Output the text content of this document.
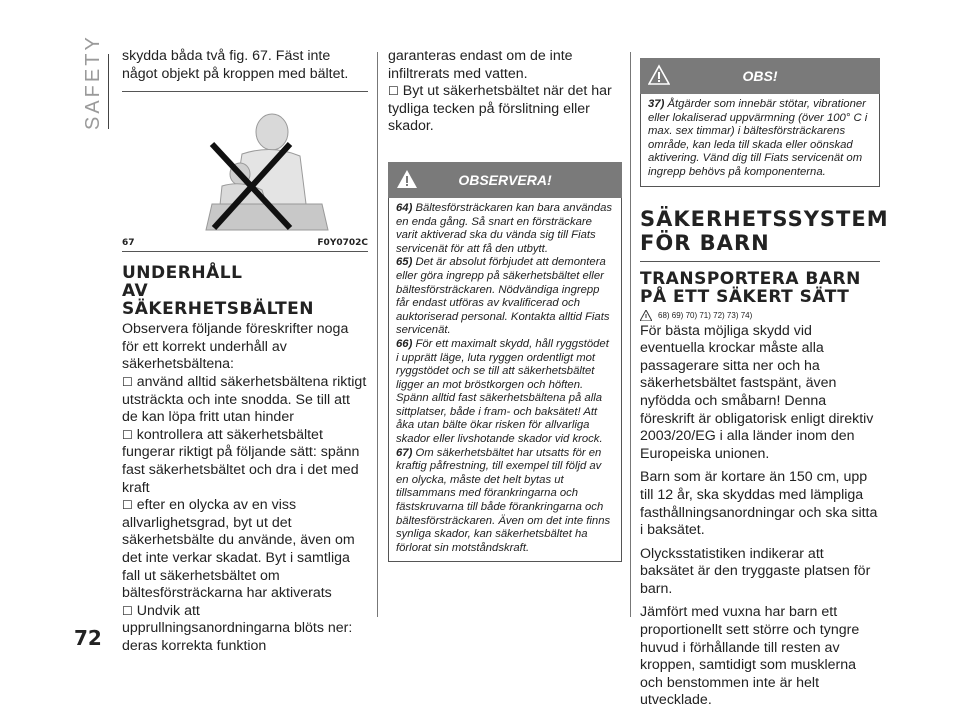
SAFETY skydda båda två fig. 67. Fäst inte något objekt på kroppen med bältet.

67	F0Y0702C
UNDERHÅLL AV SÄKERHETSBÄLTEN

Observera följande föreskrifter noga för ett korrekt underhåll av säkerhetsbältena:

☐ använd alltid säkerhetsbältena riktigt utsträckta och inte snodda. Se till att de kan löpa fritt utan hinder

☐ kontrollera att säkerhetsbältet fungerar riktigt på följande sätt: spänn fast säkerhetsbältet och dra i det med kraft

☐ efter en olycka av en viss allvarlighetsgrad, byt ut det säkerhetsbälte du använde, även om det inte verkar skadat. Byt i samtliga fall ut säkerhetsbältet om bältesförsträckarna har aktiverats

☐ Undvik att upprullningsanordningarna blöts ner: deras korrekta funktion

garanteras endast om de inte infiltrerats med vatten.

☐ Byt ut säkerhetsbältet när det har tydliga tecken på förslitning eller skador.

OBSERVERA!

64) Bältesförsträckaren kan bara användas en enda gång. Så snart en försträckare varit aktiverad ska du vända sig till Fiats servicenät för att få den utbytt.

65) Det är absolut förbjudet att demontera eller göra ingrepp på säkerhetsbältet eller bältesförsträckaren. Nödvändiga ingrepp får endast utföras av kvalificerad och auktoriserad personal. Kontakta alltid Fiats servicenät.

66) För ett maximalt skydd, håll ryggstödet i upprätt läge, luta ryggen ordentligt mot ryggstödet och se till att säkerhetsbältet ligger an mot bröstkorgen och höften. Spänn alltid fast säkerhetsbältena på alla sittplatser, både i fram- och baksätet! Att åka utan bälte ökar risken för allvarliga skador eller livshotande skador vid krock.

67) Om säkerhetsbältet har utsatts för en kraftig påfrestning, till exempel till följd av en olycka, måste det helt bytas ut tillsammans med förankringarna och fästskruvarna till både förankringarna och bältesförsträckaren. Även om det inte finns synliga skador, kan säkerhetsbältet ha förlorat sin motståndskraft.

OBS!

37) Åtgärder som innebär stötar, vibrationer eller lokaliserad uppvärmning (över 100° C i max. sex timmar) i bältesförsträckarens område, kan leda till skada eller oönskad aktivering. Vänd dig till Fiats servicenät om ingrepp behövs på komponenterna.

SÄKERHETSSYSTEM FÖR BARN
TRANSPORTERA BARN PÅ ETT SÄKERT SÄTT
68) 69) 70) 71) 72) 73) 74)

För bästa möjliga skydd vid eventuella krockar måste alla passagerare sitta ner och ha säkerhetsbältet fastspänt, även nyfödda och småbarn! Denna föreskrift är obligatorisk enligt direktiv 2003/20/EG i alla länder inom den Europeiska unionen.

Barn som är kortare än 150 cm, upp till 12 år, ska skyddas med lämpliga fasthållningsanordningar och ska sitta i baksätet.

Olycksstatistiken indikerar att baksätet är den tryggaste platsen för barn.

Jämfört med vuxna har barn ett proportionellt sett större och tyngre huvud i förhållande till resten av kroppen, samtidigt som musklerna och benstommen inte är helt utvecklade.

72
